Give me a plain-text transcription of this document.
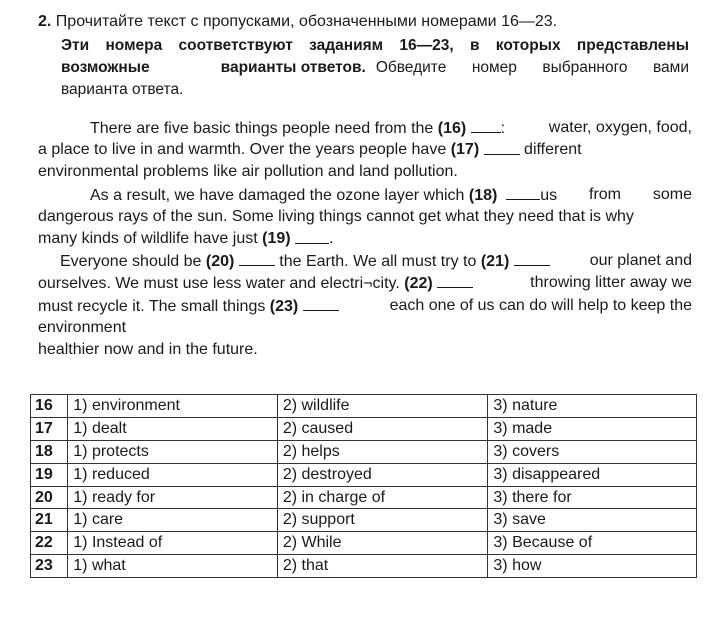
2. Прочитайте текст с пропусками, обозначенными номерами 16—23.
Эти номера соответствуют заданиям 16—23, в которых представлены
возможные	варианты ответов. Обведите номер выбранного вами
варианта ответа.
There are five basic things people need from the (16) :	water, oxygen, food,
a place to live in and warmth. Over the years people have
(17)

	different
environmental problems like air pollution and land pollution.
As a result, we have damaged the ozone layer which (18)	us from some
dangerous rays of the sun. Some living things cannot get what they need that is why
many kinds of wildlife have just
(19)
.
Everyone should be (20)	the Earth. We all must try to (21)	our planet and
ourselves. We must use less water and electri¬city. (22)	throwing litter away we
must recycle it. The small things (23)	each one of us can do will help to keep the
environment
healthier now and in the future.
16	1) environment	2) wildlife	3) nature
17	1) dealt	2) caused	3) made
18	1) protects	2) helps	3) covers
19	1) reduced	2) destroyed	3) disappeared
20	1) ready for	2) in charge of	3) there for
21	1) care	2) support	3) save
22	1) Instead of	2) While	3) Because of
23	1) what	2) that	3) how
